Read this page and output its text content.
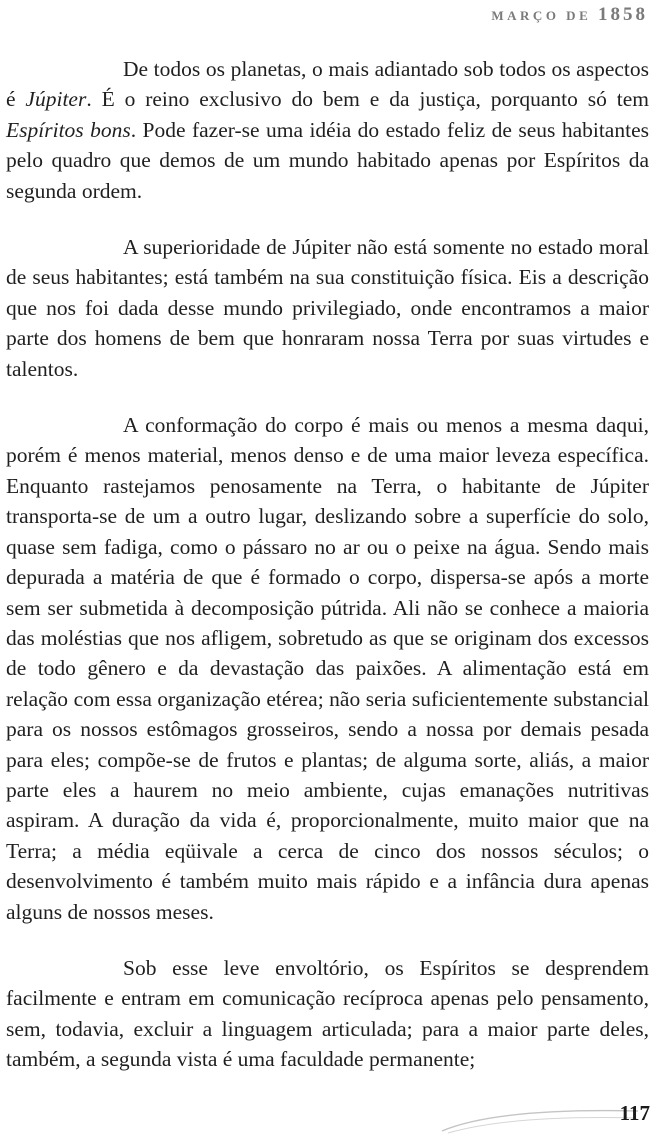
MARÇO DE 1858

De todos os planetas, o mais adiantado sob todos os aspectos é Júpiter. É o reino exclusivo do bem e da justiça, porquanto só tem Espíritos bons. Pode fazer-se uma idéia do estado feliz de seus habitantes pelo quadro que demos de um mundo habitado apenas por Espíritos da segunda ordem.

A superioridade de Júpiter não está somente no estado moral de seus habitantes; está também na sua constituição física. Eis a descrição que nos foi dada desse mundo privilegiado, onde encontramos a maior parte dos homens de bem que honraram nossa Terra por suas virtudes e talentos.

A conformação do corpo é mais ou menos a mesma daqui, porém é menos material, menos denso e de uma maior leveza específica. Enquanto rastejamos penosamente na Terra, o habitante de Júpiter transporta-se de um a outro lugar, deslizando sobre a superfície do solo, quase sem fadiga, como o pássaro no ar ou o peixe na água. Sendo mais depurada a matéria de que é formado o corpo, dispersa-se após a morte sem ser submetida à decomposição pútrida. Ali não se conhece a maioria das moléstias que nos afligem, sobretudo as que se originam dos excessos de todo gênero e da devastação das paixões. A alimentação está em relação com essa organização etérea; não seria suficientemente substancial para os nossos estômagos grosseiros, sendo a nossa por demais pesada para eles; compõe-se de frutos e plantas; de alguma sorte, aliás, a maior parte eles a haurem no meio ambiente, cujas emanações nutritivas aspiram. A duração da vida é, proporcionalmente, muito maior que na Terra; a média eqüivale a cerca de cinco dos nossos séculos; o desenvolvimento é também muito mais rápido e a infância dura apenas alguns de nossos meses.

Sob esse leve envoltório, os Espíritos se desprendem facilmente e entram em comunicação recíproca apenas pelo pensamento, sem, todavia, excluir a linguagem articulada; para a maior parte deles, também, a segunda vista é uma faculdade permanente;

117
